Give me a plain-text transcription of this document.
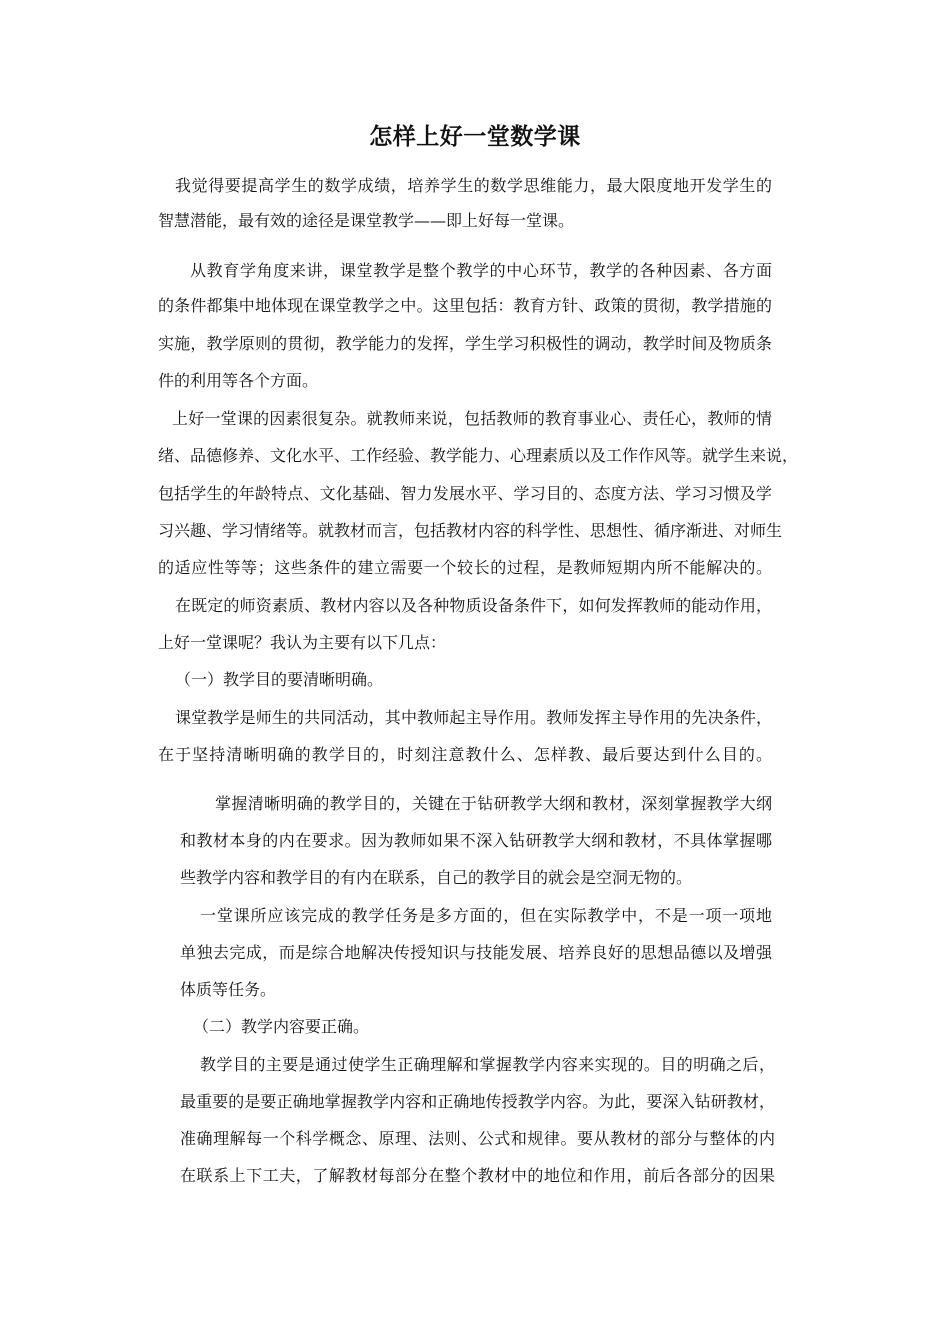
怎样上好一堂数学课
我觉得要提高学生的数学成绩，培养学生的数学思维能力，最大限度地开发学生的
智慧潜能，最有效的途径是课堂教学——即上好每一堂课。
从教育学角度来讲，课堂教学是整个教学的中心环节，教学的各种因素、各方面
的条件都集中地体现在课堂教学之中。这里包括：教育方针、政策的贯彻，教学措施的
实施，教学原则的贯彻，教学能力的发挥，学生学习积极性的调动，教学时间及物质条
件的利用等各个方面。
上好一堂课的因素很复杂。就教师来说，包括教师的教育事业心、责任心，教师的情
绪、品德修养、文化水平、工作经验、教学能力、心理素质以及工作作风等。就学生来说，
包括学生的年龄特点、文化基础、智力发展水平、学习目的、态度方法、学习习惯及学
习兴趣、学习情绪等。就教材而言，包括教材内容的科学性、思想性、循序渐进、对师生
的适应性等等；这些条件的建立需要一个较长的过程，是教师短期内所不能解决的。
在既定的师资素质、教材内容以及各种物质设备条件下，如何发挥教师的能动作用，
上好一堂课呢？我认为主要有以下几点：
（一）教学目的要清晰明确。
课堂教学是师生的共同活动，其中教师起主导作用。教师发挥主导作用的先决条件，
在于坚持清晰明确的教学目的，时刻注意教什么、怎样教、最后要达到什么目的。
掌握清晰明确的教学目的，关键在于钻研教学大纲和教材，深刻掌握教学大纲
和教材本身的内在要求。因为教师如果不深入钻研教学大纲和教材，不具体掌握哪
些教学内容和教学目的有内在联系，自己的教学目的就会是空洞无物的。
一堂课所应该完成的教学任务是多方面的，但在实际教学中，不是一项一项地
单独去完成，而是综合地解决传授知识与技能发展、培养良好的思想品德以及增强
体质等任务。
（二）教学内容要正确。
教学目的主要是通过使学生正确理解和掌握教学内容来实现的。目的明确之后，
最重要的是要正确地掌握教学内容和正确地传授教学内容。为此，要深入钻研教材，
准确理解每一个科学概念、原理、法则、公式和规律。要从教材的部分与整体的内
在联系上下工夫，了解教材每部分在整个教材中的地位和作用，前后各部分的因果
